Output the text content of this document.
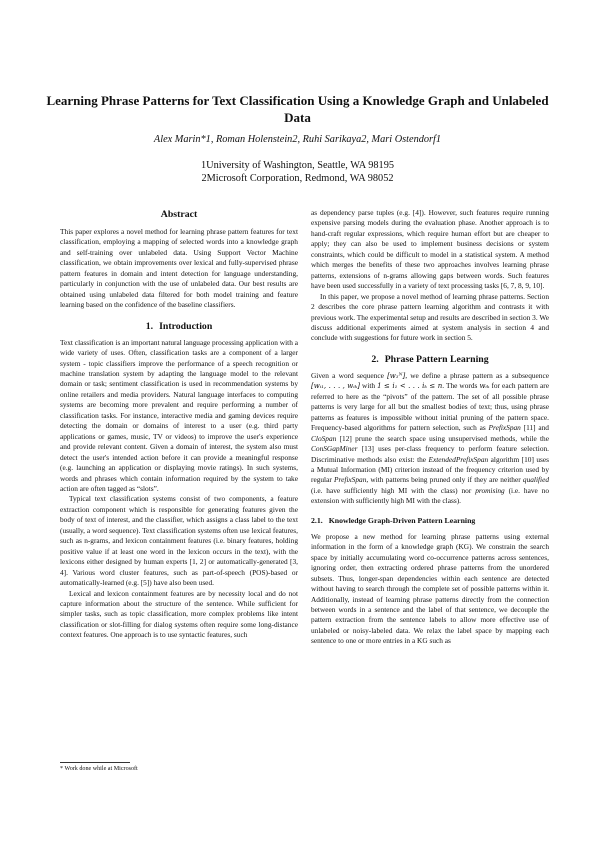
Learning Phrase Patterns for Text Classification Using a Knowledge Graph and Unlabeled Data
Alex Marin*1, Roman Holenstein2, Ruhi Sarikaya2, Mari Ostendorf1
1University of Washington, Seattle, WA 98195
2Microsoft Corporation, Redmond, WA 98052
Abstract

This paper explores a novel method for learning phrase pattern features for text classification, employing a mapping of selected words into a knowledge graph and self-training over unlabeled data. Using Support Vector Machine classification, we obtain improvements over lexical and fully-supervised phrase pattern features in domain and intent detection for language understanding, particularly in conjunction with the use of unlabeled data. Our best results are obtained using unlabeled data filtered for both model training and feature learning based on the confidence of the baseline classifiers.

1. Introduction

Text classification is an important natural language processing application with a wide variety of uses. Often, classification tasks are a component of a larger system - topic classifiers improve the performance of a speech recognition or machine translation system by adapting the language model to the relevant domain or task; sentiment classification is used in recommendation systems by online retailers and media providers. Natural language interfaces to computing systems are becoming more prevalent and require performing a number of classification tasks. For instance, interactive media and gaming devices require detecting the domain or domains of interest to a user (e.g. third party applications or games, music, TV or videos) to improve the user's experience and provide relevant content. Given a domain of interest, the system also must detect the user's intended action before it can provide a meaningful response (e.g. launching an application or displaying movie ratings). In such systems, words and phrases which contain information required by the system to take action are often tagged as “slots”.

Typical text classification systems consist of two components, a feature extraction component which is responsible for generating features given the body of text of interest, and the classifier, which assigns a class label to the text (usually, a word sequence). Text classification systems often use lexical features, such as n-grams, and lexicon containment features (i.e. binary features, holding positive value if at least one word in the lexicon occurs in the text), with the lexicons either designed by human experts [1, 2] or automatically-generated [3, 4]. Various word cluster features, such as part-of-speech (POS)-based or automatically-learned (e.g. [5]) have also been used.

Lexical and lexicon containment features are by necessity local and do not capture information about the structure of the sentence. While sufficient for simpler tasks, such as topic classification, more complex problems like intent classification or slot-filling for dialog systems often require some long-distance context features. One approach is to use syntactic features, such

* Work done while at Microsoft

as dependency parse tuples (e.g. [4]). However, such features require running expensive parsing models during the evaluation phase. Another approach is to hand-craft regular expressions, which require human effort but are cheaper to apply; they can also be used to implement business decisions or system constraints, which could be difficult to model in a statistical system. A method which merges the benefits of these two approaches involves learning phrase patterns, extensions of n-grams allowing gaps between words. Such features have been used successfully in a variety of text processing tasks [6, 7, 8, 9, 10].

In this paper, we propose a novel method of learning phrase patterns. Section 2 describes the core phrase pattern learning algorithm and contrasts it with previous work. The experimental setup and results are described in section 3. We discuss additional experiments aimed at system analysis in section 4 and conclude with suggestions for future work in section 5.

2. Phrase Pattern Learning

Given a word sequence [w₁ᴺ], we define a phrase pattern as a subsequence [wᵢ₁, . . . , wᵢₖ] with 1 ≤ i₁ < . . . iₖ ≤ n. The words wᵢₖ for each pattern are referred to here as the “pivots” of the pattern. The set of all possible phrase patterns is very large for all but the smallest bodies of text; thus, using phrase patterns as features is impossible without initial pruning of the pattern space. Frequency-based algorithms for pattern selection, such as PrefixSpan [11] and CloSpan [12] prune the search space using unsupervised methods, while the ConSGapMiner [13] uses per-class frequency to perform feature selection. Discriminative methods also exist: the ExtendedPrefixSpan algorithm [10] uses a Mutual Information (MI) criterion instead of the frequency criterion used by regular PrefixSpan, with patterns being pruned only if they are neither qualified (i.e. have sufficiently high MI with the class) nor promising (i.e. have no extension with sufficiently high MI with the class).

2.1. Knowledge Graph-Driven Pattern Learning

We propose a new method for learning phrase patterns using external information in the form of a knowledge graph (KG). We constrain the search space by initially accumulating word co-occurrence patterns across sentences, ignoring order, then extracting ordered phrase patterns from the unordered subsets. Thus, longer-span dependencies within each sentence are detected without having to search through the complete set of possible patterns within it. Additionally, instead of learning phrase patterns directly from the connection between words in a sentence and the label of that sentence, we decouple the pattern extraction from the sentence labels to allow more effective use of unlabeled or noisy-labeled data. We relax the label space by mapping each sentence to one or more entries in a KG such as
